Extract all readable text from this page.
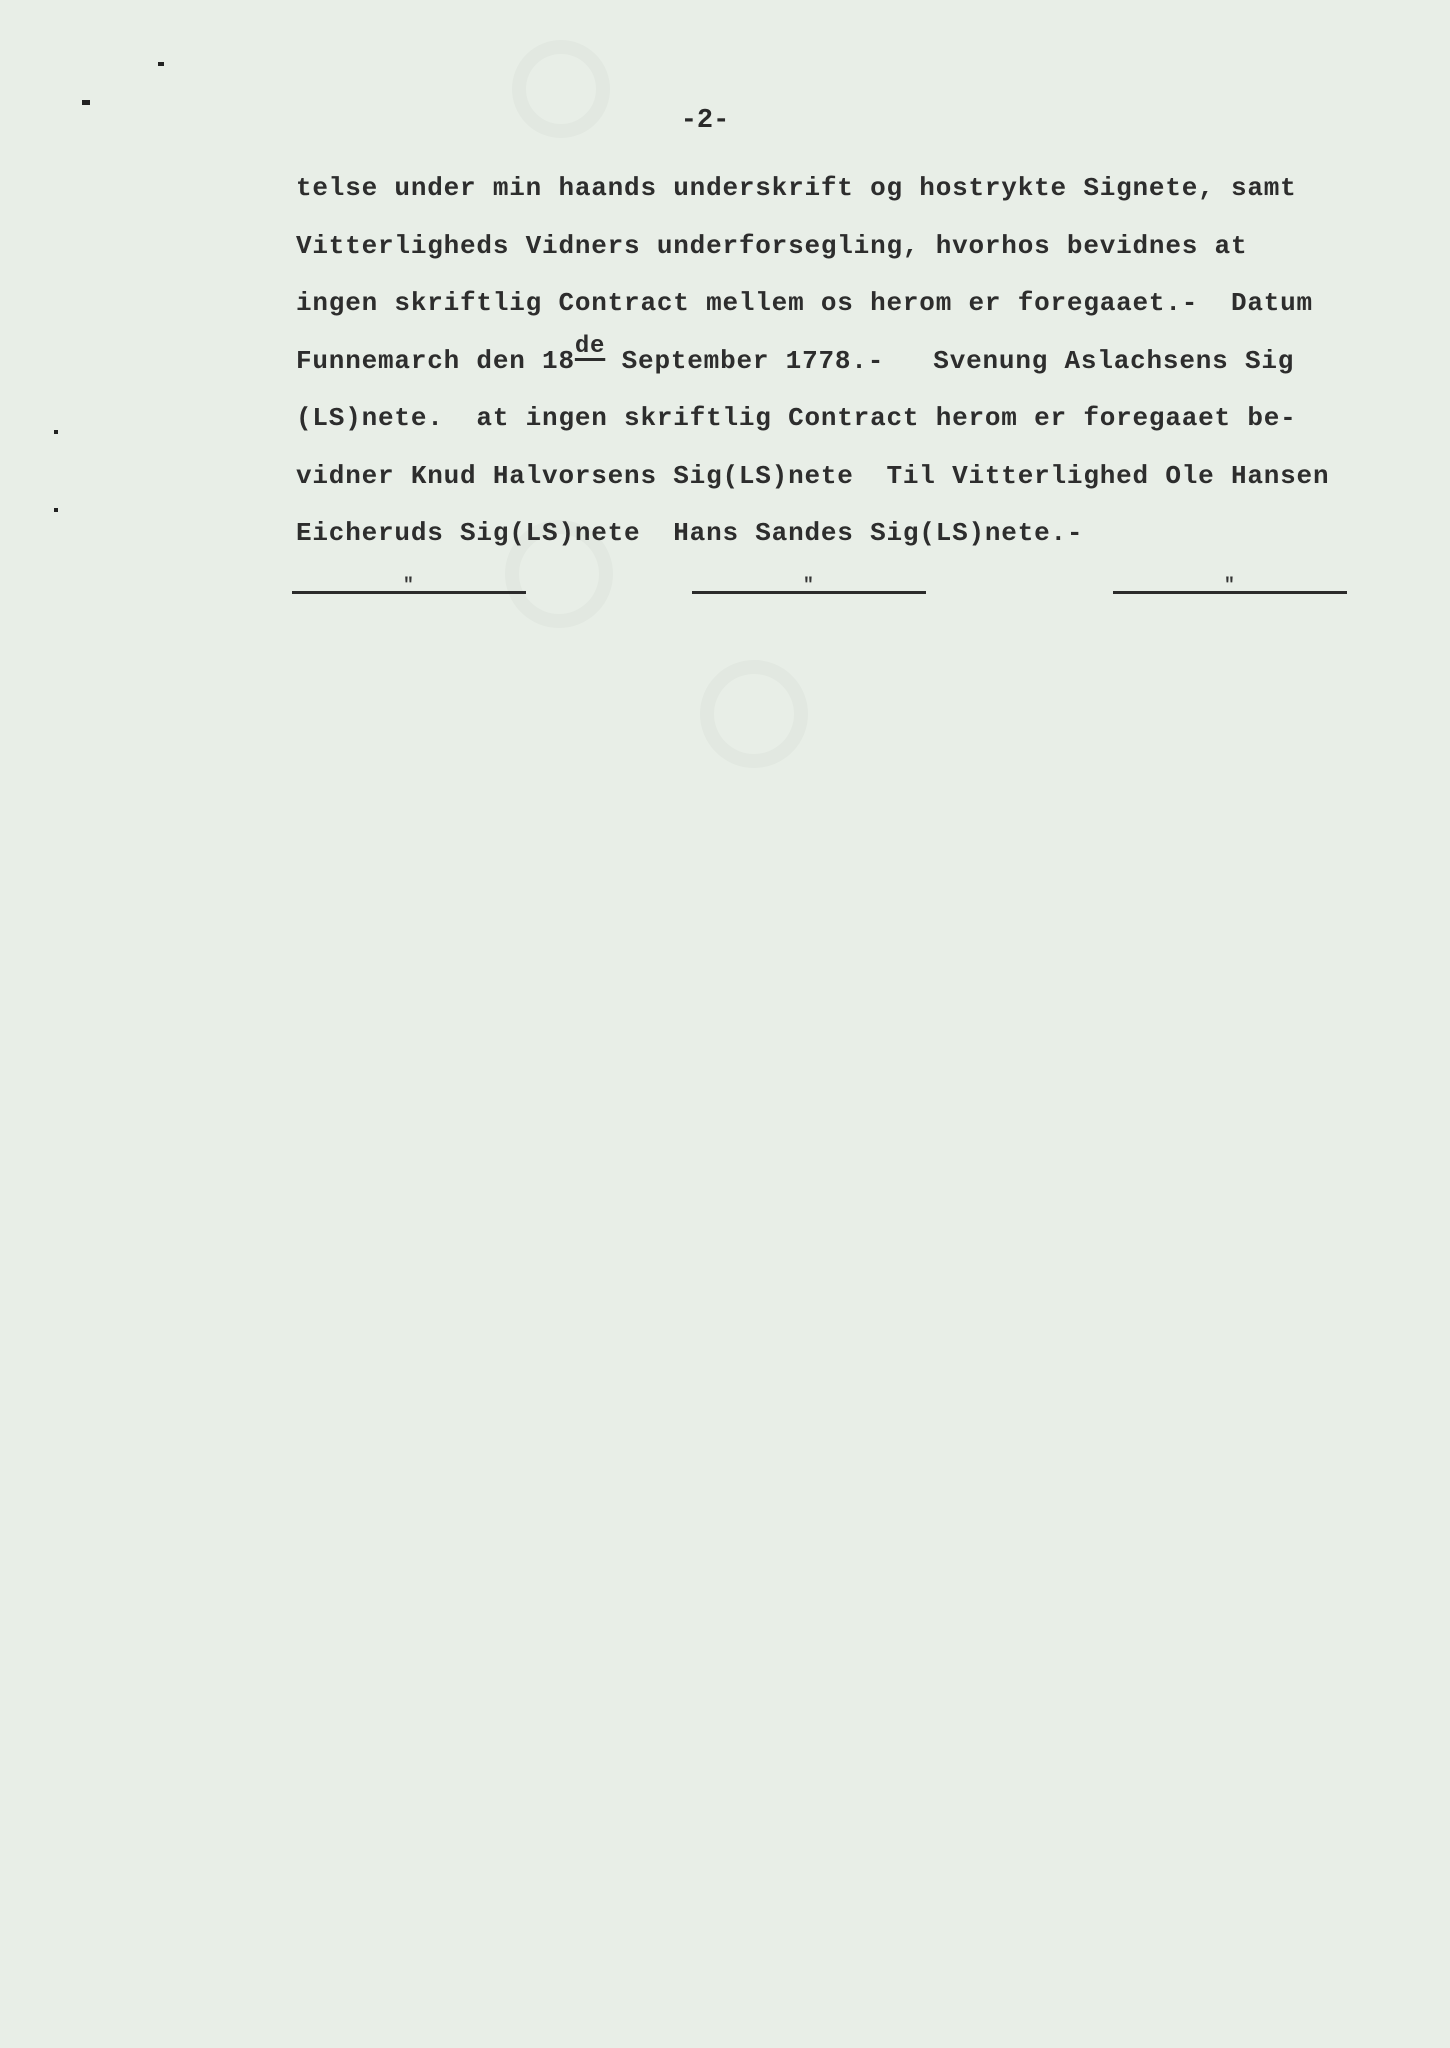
-2-
telse under min haands underskrift og hostrykte Signete, samt
Vitterligheds Vidners underforsegling, hvorhos bevidnes at
ingen skriftlig Contract mellem os herom er foregaaet.-  Datum
Funnemarch den 18de September 1778.-   Svenung Aslachsens Sig
(LS)nete.  at ingen skriftlig Contract herom er foregaaet be-
vidner Knud Halvorsens Sig(LS)nete  Til Vitterlighed Ole Hansen
Eicheruds Sig(LS)nete  Hans Sandes Sig(LS)nete.-
"	"	"
